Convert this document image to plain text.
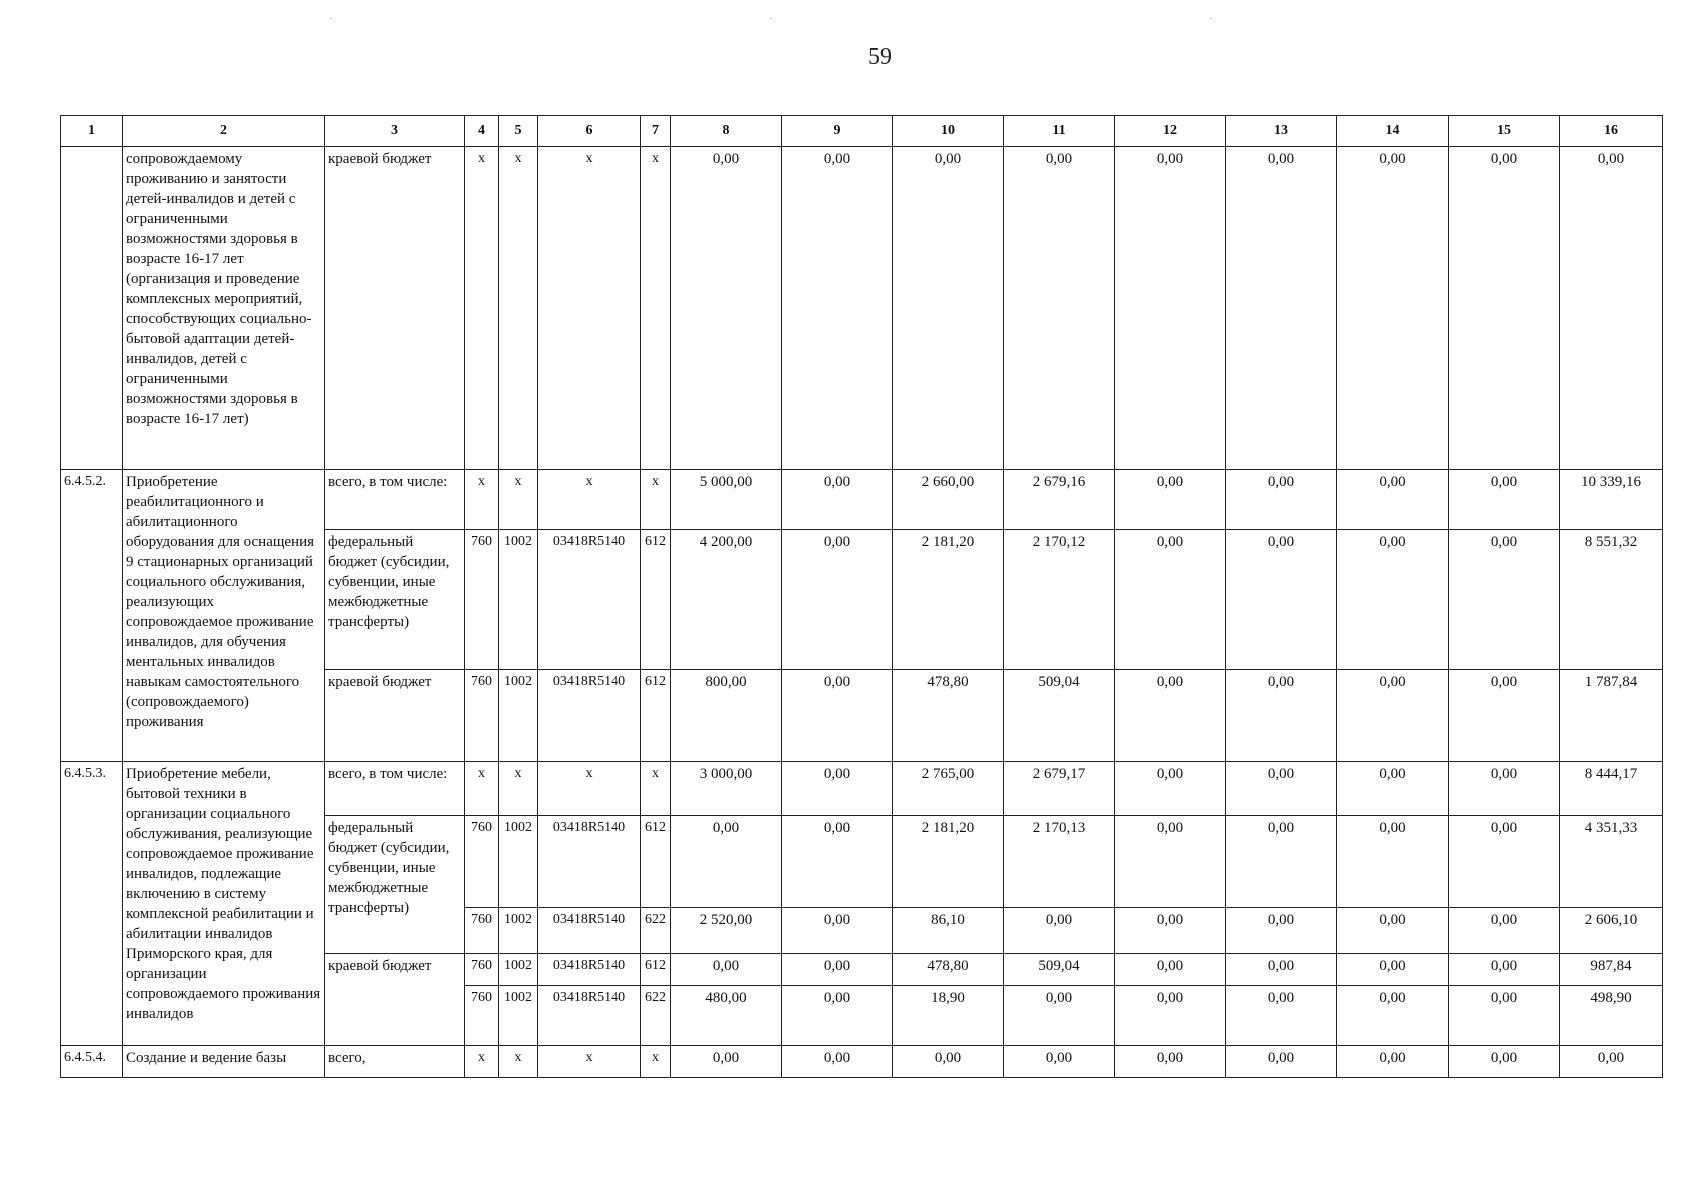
59
1	2	3	4	5	6	7	8	9	10	11	12	13	14	15	16
	сопровождаемому проживанию и занятости детей-инвалидов и детей с ограниченными возможностями здоровья в возрасте 16-17 лет (организация и проведение комплексных мероприятий, способствующих социально-бытовой адаптации детей-инвалидов, детей с ограниченными возможностями здоровья в возрасте 16-17 лет)	краевой бюджет	x	x	x	x	0,00	0,00	0,00	0,00	0,00	0,00	0,00	0,00	0,00
6.4.5.2.	Приобретение реабилитационного и абилитационного оборудования для оснащения 9 стационарных организаций социального обслуживания, реализующих сопровождаемое проживание инвалидов, для обучения ментальных инвалидов навыкам самостоятельного (сопровождаемого) проживания	всего, в том числе:	x	x	x	x	5 000,00	0,00	2 660,00	2 679,16	0,00	0,00	0,00	0,00	10 339,16
		федеральный бюджет (субсидии, субвенции, иные межбюджетные трансферты)	760	1002	03418R5140	612	4 200,00	0,00	2 181,20	2 170,12	0,00	0,00	0,00	0,00	8 551,32
		краевой бюджет	760	1002	03418R5140	612	800,00	0,00	478,80	509,04	0,00	0,00	0,00	0,00	1 787,84
6.4.5.3.	Приобретение мебели, бытовой техники в организации социального обслуживания, реализующие сопровождаемое проживание инвалидов, подлежащие включению в систему комплексной реабилитации и абилитации инвалидов Приморского края, для организации сопровождаемого проживания инвалидов	всего, в том числе:	x	x	x	x	3 000,00	0,00	2 765,00	2 679,17	0,00	0,00	0,00	0,00	8 444,17
		федеральный бюджет (субсидии, субвенции, иные межбюджетные трансферты)	760	1002	03418R5140	612	0,00	0,00	2 181,20	2 170,13	0,00	0,00	0,00	0,00	4 351,33
			760	1002	03418R5140	622	2 520,00	0,00	86,10	0,00	0,00	0,00	0,00	0,00	2 606,10
		краевой бюджет	760	1002	03418R5140	612	0,00	0,00	478,80	509,04	0,00	0,00	0,00	0,00	987,84
			760	1002	03418R5140	622	480,00	0,00	18,90	0,00	0,00	0,00	0,00	0,00	498,90
6.4.5.4.	Создание и ведение базы	всего,	x	x	x	x	0,00	0,00	0,00	0,00	0,00	0,00	0,00	0,00	0,00
